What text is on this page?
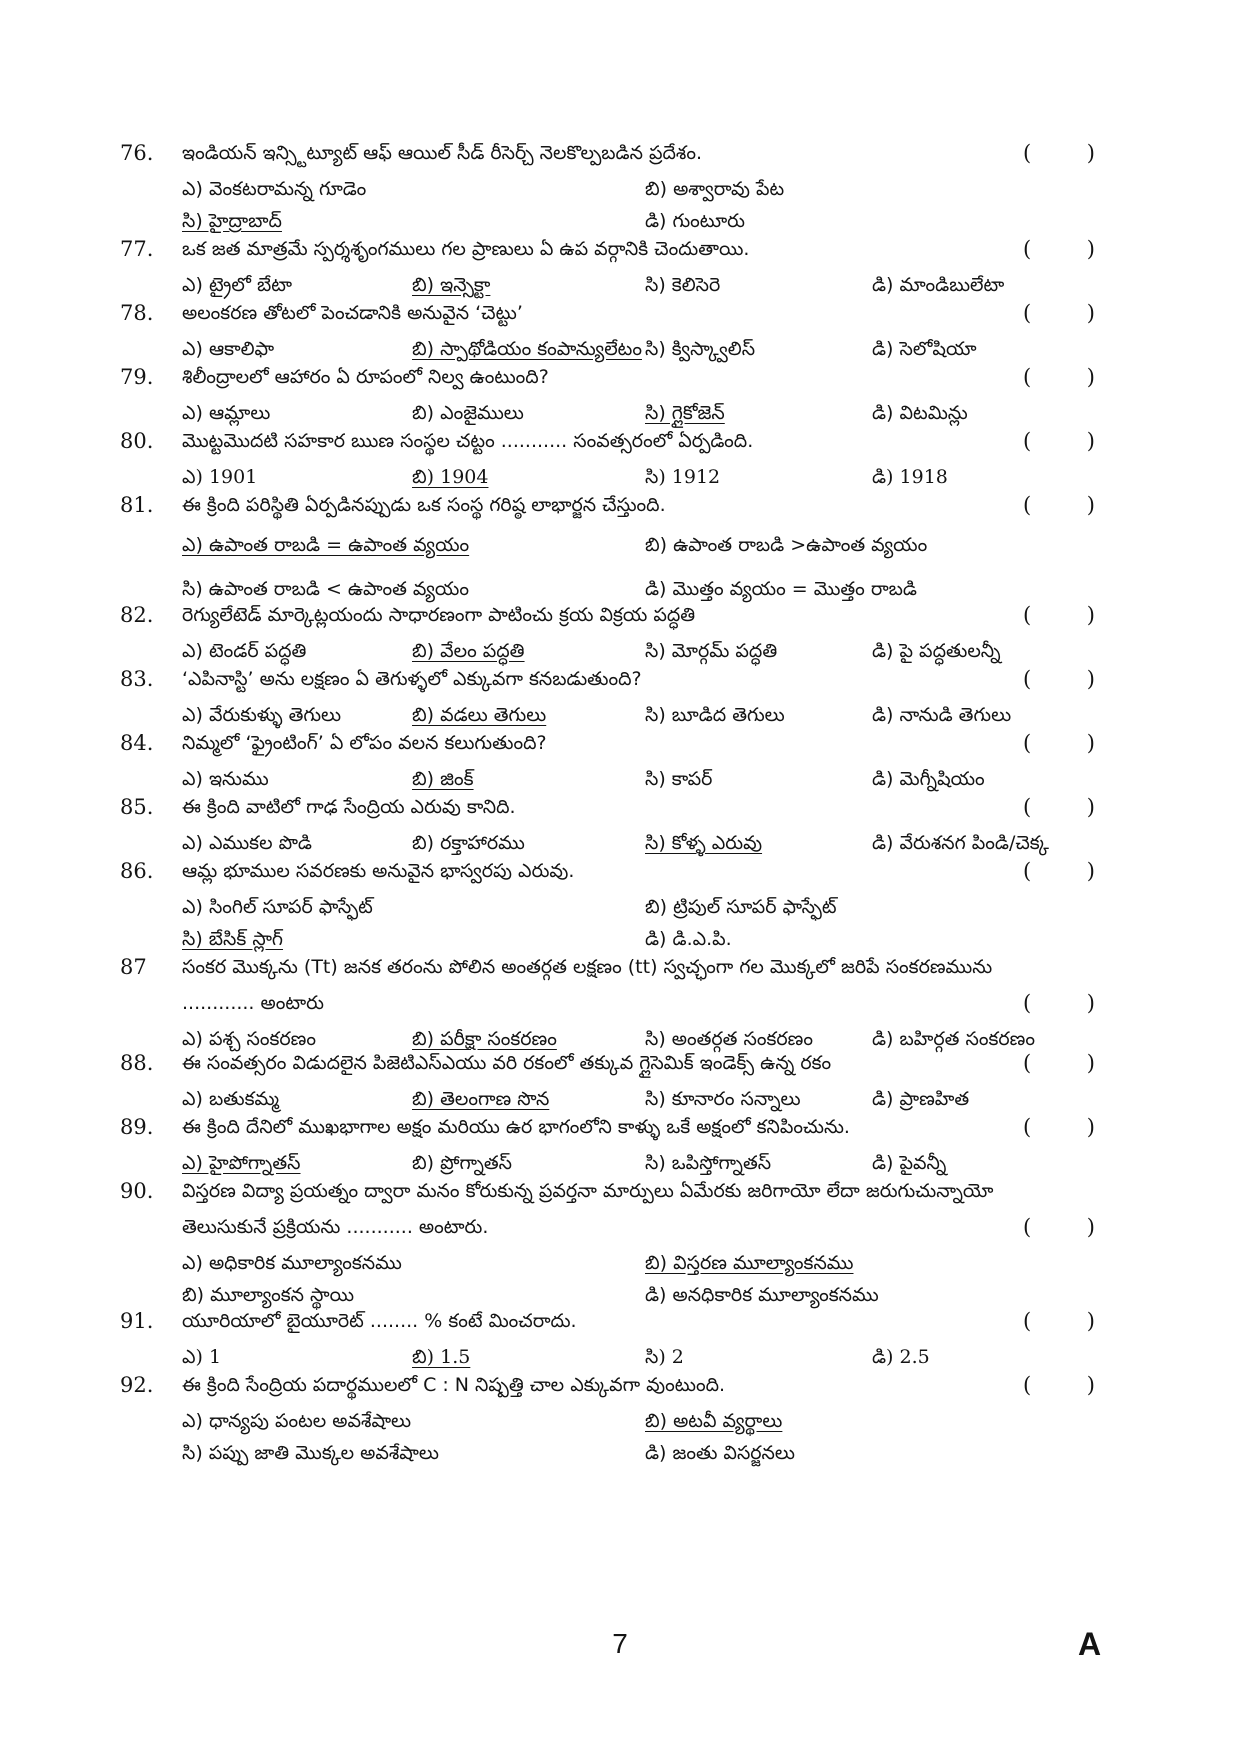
76. ఇండియన్ ఇన్స్టిట్యూట్ ఆఫ్ ఆయిల్ సీడ్ రీసెర్చ్ నెలకొల్పబడిన ప్రదేశం.	(	)
ఎ) వెంకటరామన్న గూడెం	బి) అశ్వారావు పేట
సి) హైద్రాబాద్	డి) గుంటూరు
77. ఒక జత మాత్రమే స్పర్శశృంగములు గల ప్రాణులు ఏ ఉప వర్గానికి చెందుతాయి.	(	)
ఎ) ట్రైలో బేటా	బి) ఇన్సెక్టా	సి) కెలిసెరె	డి) మాండిబులేటా
78. అలంకరణ తోటలో పెంచడానికి అనువైన ‘చెట్టు’	(	)
ఎ) ఆకాలిఫా	బి) స్పాథోడియం కంపాన్యులేటం సి) క్విస్క్వాలిస్	డి) సెలోషియా
79. శిలీంద్రాలలో ఆహారం ఏ రూపంలో నిల్వ ఉంటుంది?	(	)
ఎ) ఆమ్లాలు	బి) ఎంజైములు	సి) గ్లైకోజెన్	డి) విటమిన్లు
80. మొట్టమొదటి సహకార ఋణ సంస్థల చట్టం ........... సంవత్సరంలో ఏర్పడింది.	(	)
ఎ) 1901	బి) 1904	సి) 1912	డి) 1918
81. ఈ క్రింది పరిస్థితి ఏర్పడినప్పుడు ఒక సంస్థ గరిష్ఠ లాభార్జన చేస్తుంది.	(	)
ఎ) ఉపాంత రాబడి = ఉపాంత వ్యయం	బి) ఉపాంత రాబడి >ఉపాంత వ్యయం
సి) ఉపాంత రాబడి < ఉపాంత వ్యయం	డి) మొత్తం వ్యయం = మొత్తం రాబడి
82. రెగ్యులేటెడ్ మార్కెట్లయందు సాధారణంగా పాటించు క్రయ విక్రయ పద్ధతి	(	)
ఎ) టెండర్ పద్ధతి	బి) వేలం పద్ధతి	సి) మోర్గమ్ పద్ధతి	డి) పై పద్ధతులన్నీ
83. ‘ఎపినాస్టి’ అను లక్షణం ఏ తెగుళ్ళలో ఎక్కువగా కనబడుతుంది?	(	)
ఎ) వేరుకుళ్ళు తెగులు	బి) వడలు తెగులు	సి) బూడిద తెగులు	డి) నానుడి తెగులు
84. నిమ్మలో ‘ఫ్రైంటింగ్’ ఏ లోపం వలన కలుగుతుంది?	(	)
ఎ) ఇనుము	బి) జింక్	సి) కాపర్	డి) మెగ్నీషియం
85. ఈ క్రింది వాటిలో గాఢ సేంద్రియ ఎరువు కానిది.	(	)
ఎ) ఎముకల పొడి	బి) రక్తాహారము	సి) కోళ్ళ ఎరువు	డి) వేరుశనగ పిండి/చెక్క
86. ఆమ్ల భూముల సవరణకు అనువైన భాస్వరపు ఎరువు.	(	)
ఎ) సింగిల్ సూపర్ ఫాస్ఫేట్	బి) ట్రిపుల్ సూపర్ ఫాస్ఫేట్
సి) బేసిక్ స్లాగ్	డి) డి.ఎ.పి.
87 సంకర మొక్కను (Tt) జనక తరంను పోలిన అంతర్గత లక్షణం (tt) స్వచ్ఛంగా గల మొక్కలో జరిపే సంకరణమును
............ అంటారు	(	)
ఎ) పశ్చ సంకరణం	బి) పరీక్షా సంకరణం	సి) అంతర్గత సంకరణం	డి) బహిర్గత సంకరణం
88. ఈ సంవత్సరం విడుదలైన పిజెటిఎస్ఎయు వరి రకంలో తక్కువ గ్లైసెమిక్ ఇండెక్స్ ఉన్న రకం	(	)
ఎ) బతుకమ్మ	బి) తెలంగాణ సొన	సి) కూనారం సన్నాలు	డి) ప్రాణహిత
89. ఈ క్రింది దేనిలో ముఖభాగాల అక్షం మరియు ఉర భాగంలోని కాళ్ళు ఒకే అక్షంలో కనిపించును.	(	)
ఎ) హైపోగ్నాతస్	బి) ప్రోగ్నాతస్	సి) ఒపిస్తోగ్నాతస్	డి) పైవన్నీ
90. విస్తరణ విద్యా ప్రయత్నం ద్వారా మనం కోరుకున్న ప్రవర్తనా మార్పులు ఏమేరకు జరిగాయో లేదా జరుగుచున్నాయో
తెలుసుకునే ప్రక్రియను ........... అంటారు.	(	)
ఎ) అధికారిక మూల్యాంకనము	బి) విస్తరణ మూల్యాంకనము
బి) మూల్యాంకన స్థాయి	డి) అనధికారిక మూల్యాంకనము
91. యూరియాలో బైయూరెట్ ........ % కంటే మించరాదు.	(	)
ఎ) 1	బి) 1.5	సి) 2	డి) 2.5
92. ఈ క్రింది సేంద్రియ పదార్థములలో C : N నిష్పత్తి చాల ఎక్కువగా వుంటుంది.	(	)
ఎ) ధాన్యపు పంటల అవశేషాలు	బి) అటవీ వ్యర్థాలు
సి) పప్పు జాతి మొక్కల అవశేషాలు	డి) జంతు విసర్జనలు
7	A
